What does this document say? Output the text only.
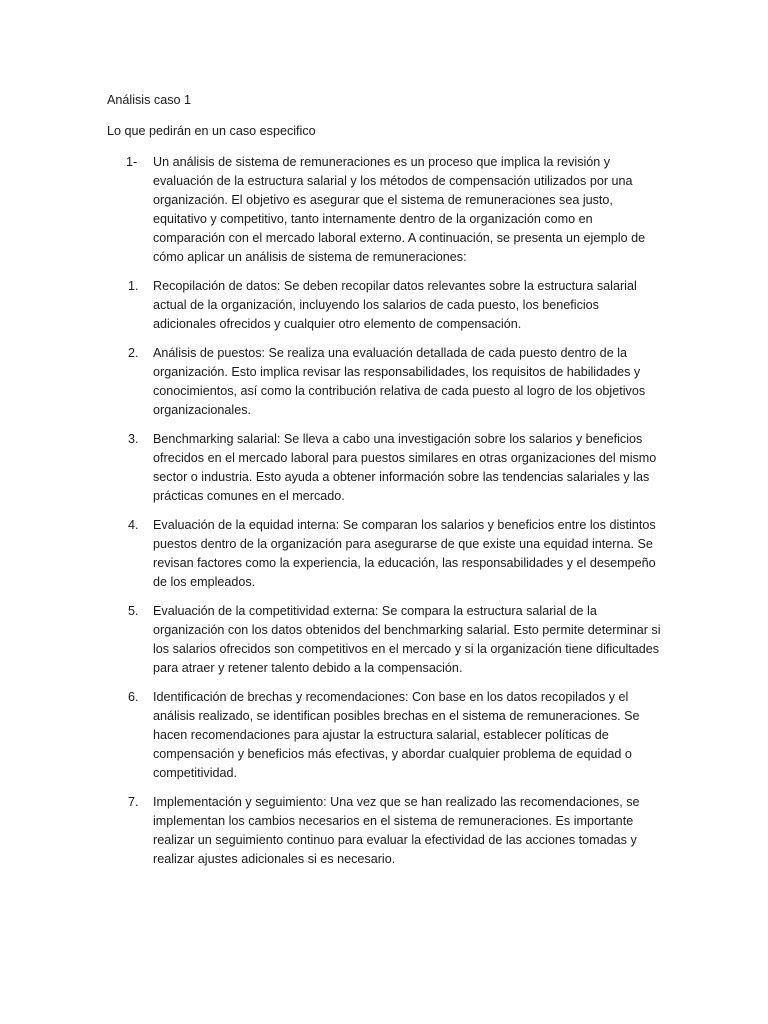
Análisis caso 1

Lo que pedirán en un caso especifico

1- Un análisis de sistema de remuneraciones es un proceso que implica la revisión y evaluación de la estructura salarial y los métodos de compensación utilizados por una organización. El objetivo es asegurar que el sistema de remuneraciones sea justo, equitativo y competitivo, tanto internamente dentro de la organización como en comparación con el mercado laboral externo. A continuación, se presenta un ejemplo de cómo aplicar un análisis de sistema de remuneraciones:
1. Recopilación de datos: Se deben recopilar datos relevantes sobre la estructura salarial actual de la organización, incluyendo los salarios de cada puesto, los beneficios adicionales ofrecidos y cualquier otro elemento de compensación.
2. Análisis de puestos: Se realiza una evaluación detallada de cada puesto dentro de la organización. Esto implica revisar las responsabilidades, los requisitos de habilidades y conocimientos, así como la contribución relativa de cada puesto al logro de los objetivos organizacionales.
3. Benchmarking salarial: Se lleva a cabo una investigación sobre los salarios y beneficios ofrecidos en el mercado laboral para puestos similares en otras organizaciones del mismo sector o industria. Esto ayuda a obtener información sobre las tendencias salariales y las prácticas comunes en el mercado.
4. Evaluación de la equidad interna: Se comparan los salarios y beneficios entre los distintos puestos dentro de la organización para asegurarse de que existe una equidad interna. Se revisan factores como la experiencia, la educación, las responsabilidades y el desempeño de los empleados.
5. Evaluación de la competitividad externa: Se compara la estructura salarial de la organización con los datos obtenidos del benchmarking salarial. Esto permite determinar si los salarios ofrecidos son competitivos en el mercado y si la organización tiene dificultades para atraer y retener talento debido a la compensación.
6. Identificación de brechas y recomendaciones: Con base en los datos recopilados y el análisis realizado, se identifican posibles brechas en el sistema de remuneraciones. Se hacen recomendaciones para ajustar la estructura salarial, establecer políticas de compensación y beneficios más efectivas, y abordar cualquier problema de equidad o competitividad.
7. Implementación y seguimiento: Una vez que se han realizado las recomendaciones, se implementan los cambios necesarios en el sistema de remuneraciones. Es importante realizar un seguimiento continuo para evaluar la efectividad de las acciones tomadas y realizar ajustes adicionales si es necesario.
